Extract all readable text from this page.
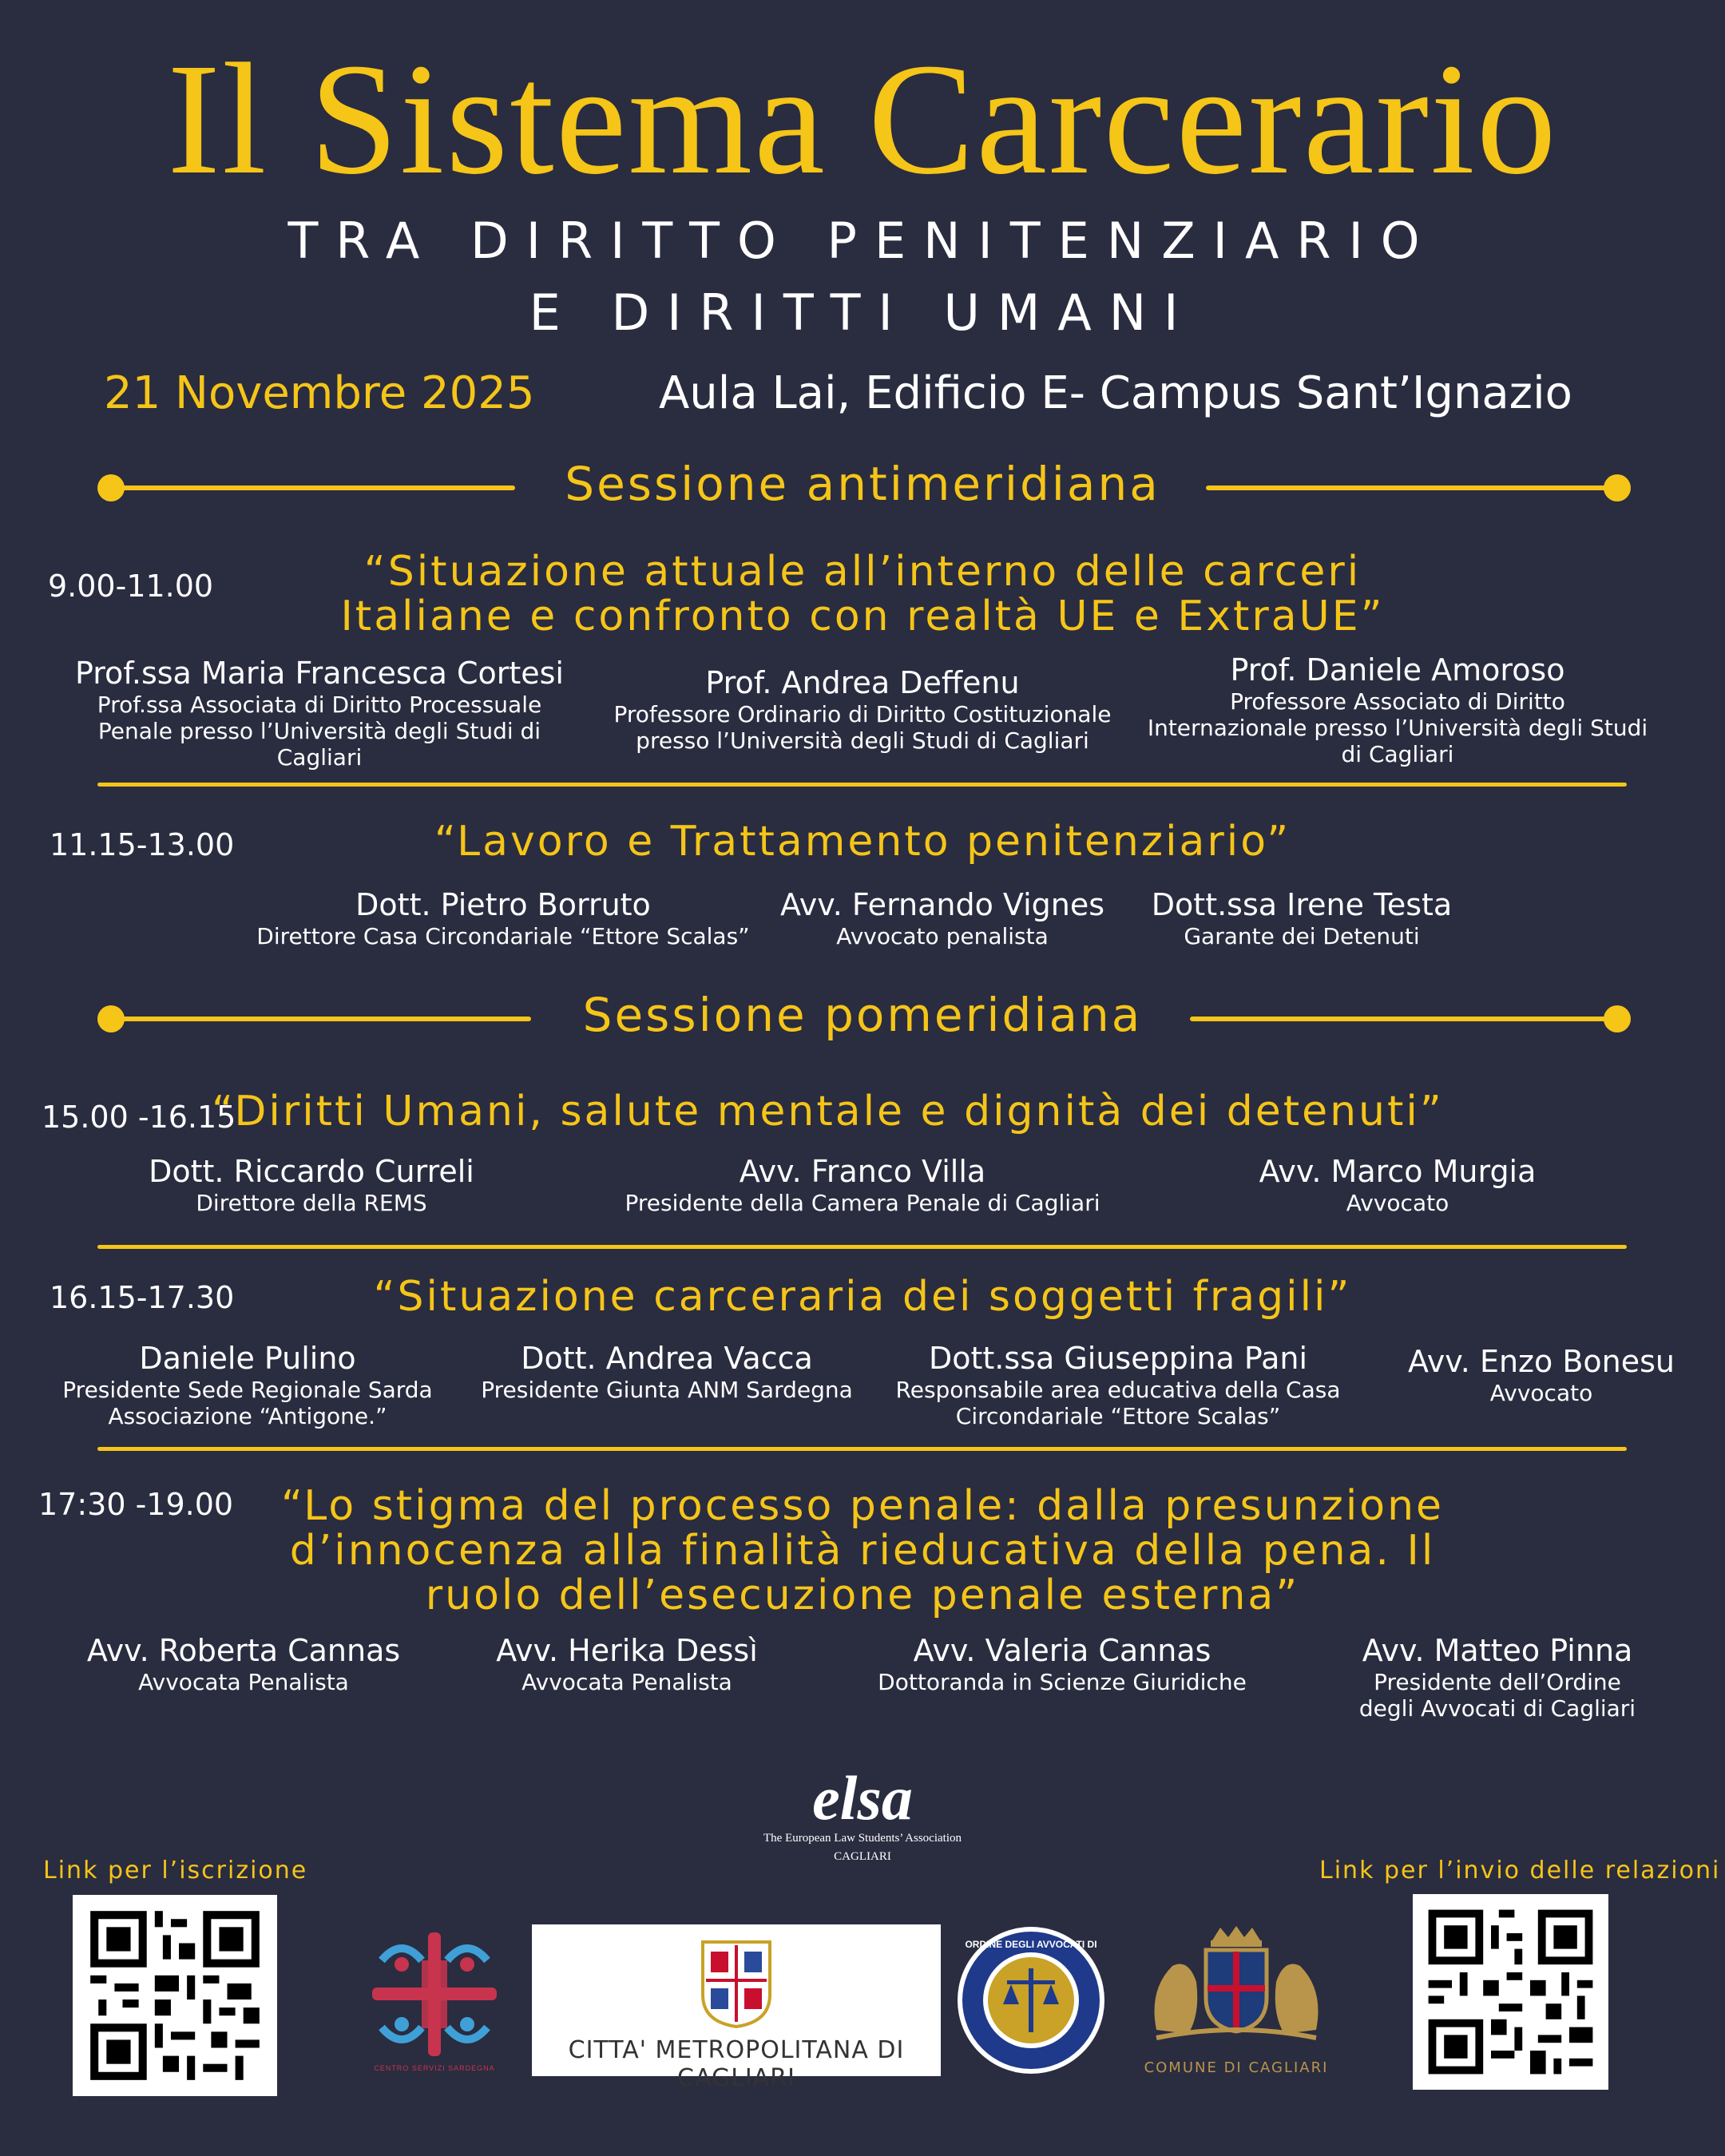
Il Sistema Carcerario
TRA DIRITTO PENITENZIARIO
E DIRITTI UMANI
21 Novembre 2025	Aula Lai, Edificio E- Campus Sant’Ignazio
Sessione antimeridiana
9.00-11.00	“Situazione attuale all’interno delle carceri
Italiane e confronto con realtà UE e ExtraUE”
Prof.ssa Maria Francesca Cortesi
Prof.ssa Associata di Diritto Processuale
Penale presso l’Università degli Studi di
Cagliari
Prof. Andrea Deffenu
Professore Ordinario di Diritto Costituzionale
presso l’Università degli Studi di Cagliari
Prof. Daniele Amoroso
Professore Associato di Diritto
Internazionale presso l’Università degli Studi
di Cagliari
11.15-13.00	“Lavoro e Trattamento penitenziario”
Dott. Pietro Borruto
Direttore Casa Circondariale “Ettore Scalas”
Avv. Fernando Vignes
Avvocato penalista
Dott.ssa Irene Testa
Garante dei Detenuti
Sessione pomeridiana
15.00 -16.15
“Diritti Umani, salute mentale e dignità dei detenuti”
Dott. Riccardo Curreli
Direttore della REMS
Avv. Franco Villa
Presidente della Camera Penale di Cagliari
Avv. Marco Murgia
Avvocato
16.15-17.30	“Situazione carceraria dei soggetti fragili”
Daniele Pulino
Presidente Sede Regionale Sarda
Associazione “Antigone.”
Dott. Andrea Vacca
Presidente Giunta ANM Sardegna
Dott.ssa Giuseppina Pani
Responsabile area educativa della Casa
Circondariale “Ettore Scalas”
Avv. Enzo Bonesu
Avvocato
17:30 -19.00	“Lo stigma del processo penale: dalla presunzione
d’innocenza alla finalità rieducativa della pena. Il
ruolo dell’esecuzione penale esterna”
Avv. Roberta Cannas
Avvocata Penalista
Avv. Herika Dessì
Avvocata Penalista
Avv. Valeria Cannas
Dottoranda in Scienze Giuridiche
Avv. Matteo Pinna
Presidente dell’Ordine
degli Avvocati di Cagliari
elsa
The European Law Students’ Association
CAGLIARI
Link per l’iscrizione	Link per l’invio delle relazioni
CENTRO SERVIZI SARDEGNA
CITTA' METROPOLITANA DI CAGLIARI
ORDINE DEGLI AVVOCATI DI
CAGLIARI
COMUNE DI CAGLIARI
